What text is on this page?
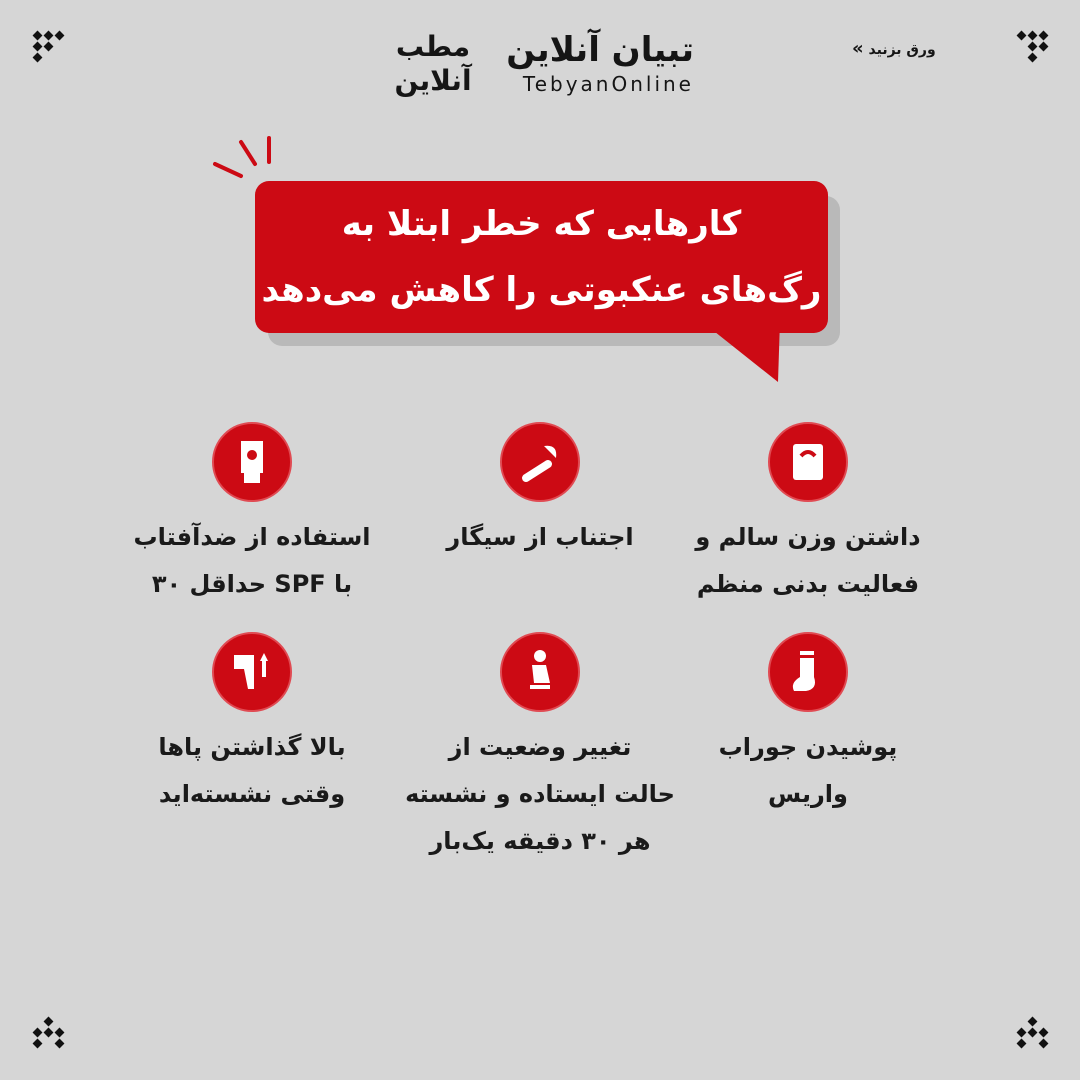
تبیان آنلاین
TebyanOnline
مطب
آنلاین
ورق بزنید »
کارهایی که خطر ابتلا به
رگ‌های عنکبوتی را کاهش می‌دهد
داشتن وزن سالم و
فعالیت بدنی منظم
اجتناب از سیگار
استفاده از ضدآفتاب
با SPF حداقل ۳۰
پوشیدن جوراب
واریس
تغییر وضعیت از
حالت ایستاده و نشسته
هر ۳۰ دقیقه یک‌بار
بالا گذاشتن پاها
وقتی نشسته‌اید
